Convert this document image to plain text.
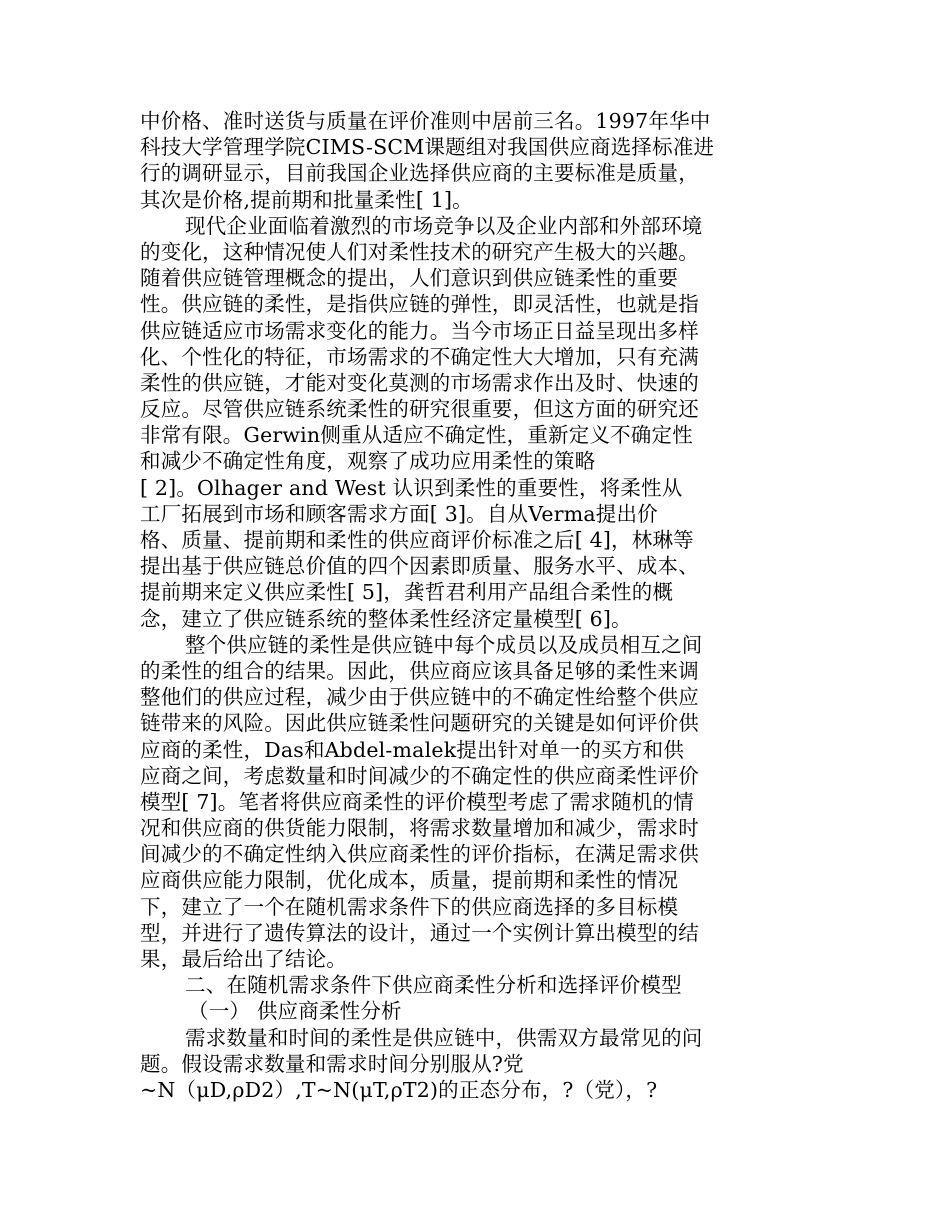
中价格、准时送货与质量在评价准则中居前三名。1997年华中
科技大学管理学院CIMS-SCM课题组对我国供应商选择标准进
行的调研显示，目前我国企业选择供应商的主要标准是质量，
其次是价格,提前期和批量柔性[ 1]。
现代企业面临着激烈的市场竞争以及企业内部和外部环境
的变化，这种情况使人们对柔性技术的研究产生极大的兴趣。
随着供应链管理概念的提出，人们意识到供应链柔性的重要
性。供应链的柔性，是指供应链的弹性，即灵活性，也就是指
供应链适应市场需求变化的能力。当今市场正日益呈现出多样
化、个性化的特征，市场需求的不确定性大大增加，只有充满
柔性的供应链，才能对变化莫测的市场需求作出及时、快速的
反应。尽管供应链系统柔性的研究很重要，但这方面的研究还
非常有限。Gerwin侧重从适应不确定性，重新定义不确定性
和减少不确定性角度，观察了成功应用柔性的策略
[ 2]。Olhager and West 认识到柔性的重要性，将柔性从
工厂拓展到市场和顾客需求方面[ 3]。自从Verma提出价
格、质量、提前期和柔性的供应商评价标准之后[ 4]，林琳等
提出基于供应链总价值的四个因素即质量、服务水平、成本、
提前期来定义供应柔性[ 5]，龚哲君利用产品组合柔性的概
念，建立了供应链系统的整体柔性经济定量模型[ 6]。
整个供应链的柔性是供应链中每个成员以及成员相互之间
的柔性的组合的结果。因此，供应商应该具备足够的柔性来调
整他们的供应过程，减少由于供应链中的不确定性给整个供应
链带来的风险。因此供应链柔性问题研究的关键是如何评价供
应商的柔性，Das和Abdel-malek提出针对单一的买方和供
应商之间，考虑数量和时间减少的不确定性的供应商柔性评价
模型[ 7]。笔者将供应商柔性的评价模型考虑了需求随机的情
况和供应商的供货能力限制，将需求数量增加和减少，需求时
间减少的不确定性纳入供应商柔性的评价指标，在满足需求供
应商供应能力限制，优化成本，质量，提前期和柔性的情况
下，建立了一个在随机需求条件下的供应商选择的多目标模
型，并进行了遗传算法的设计，通过一个实例计算出模型的结
果，最后给出了结论。
二、在随机需求条件下供应商柔性分析和选择评价模型
（一） 供应商柔性分析
需求数量和时间的柔性是供应链中，供需双方最常见的问
题。假设需求数量和需求时间分别服从?党
~N（μD,ρD2）,T~N(μT,ρT2)的正态分布，?（党），?
